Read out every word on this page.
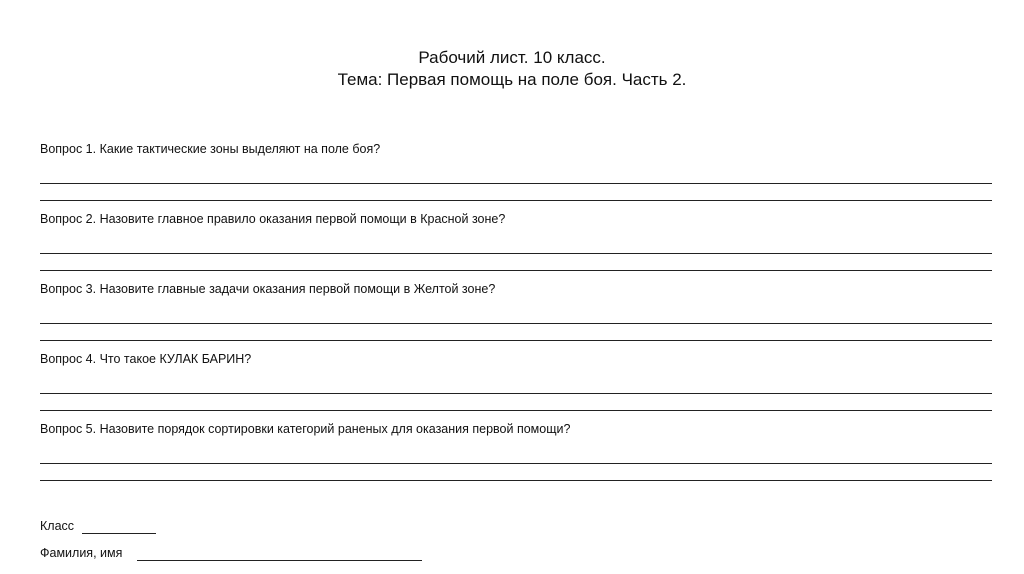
Рабочий лист. 10 класс.
Тема: Первая помощь на поле боя. Часть 2.
Вопрос 1. Какие тактические зоны выделяют на поле боя?
Вопрос 2. Назовите главное правило оказания первой помощи в Красной зоне?
Вопрос 3. Назовите главные задачи оказания первой помощи в Желтой зоне?
Вопрос 4. Что такое КУЛАК БАРИН?
Вопрос 5. Назовите порядок сортировки категорий раненых для оказания первой помощи?
Класс
Фамилия, имя
